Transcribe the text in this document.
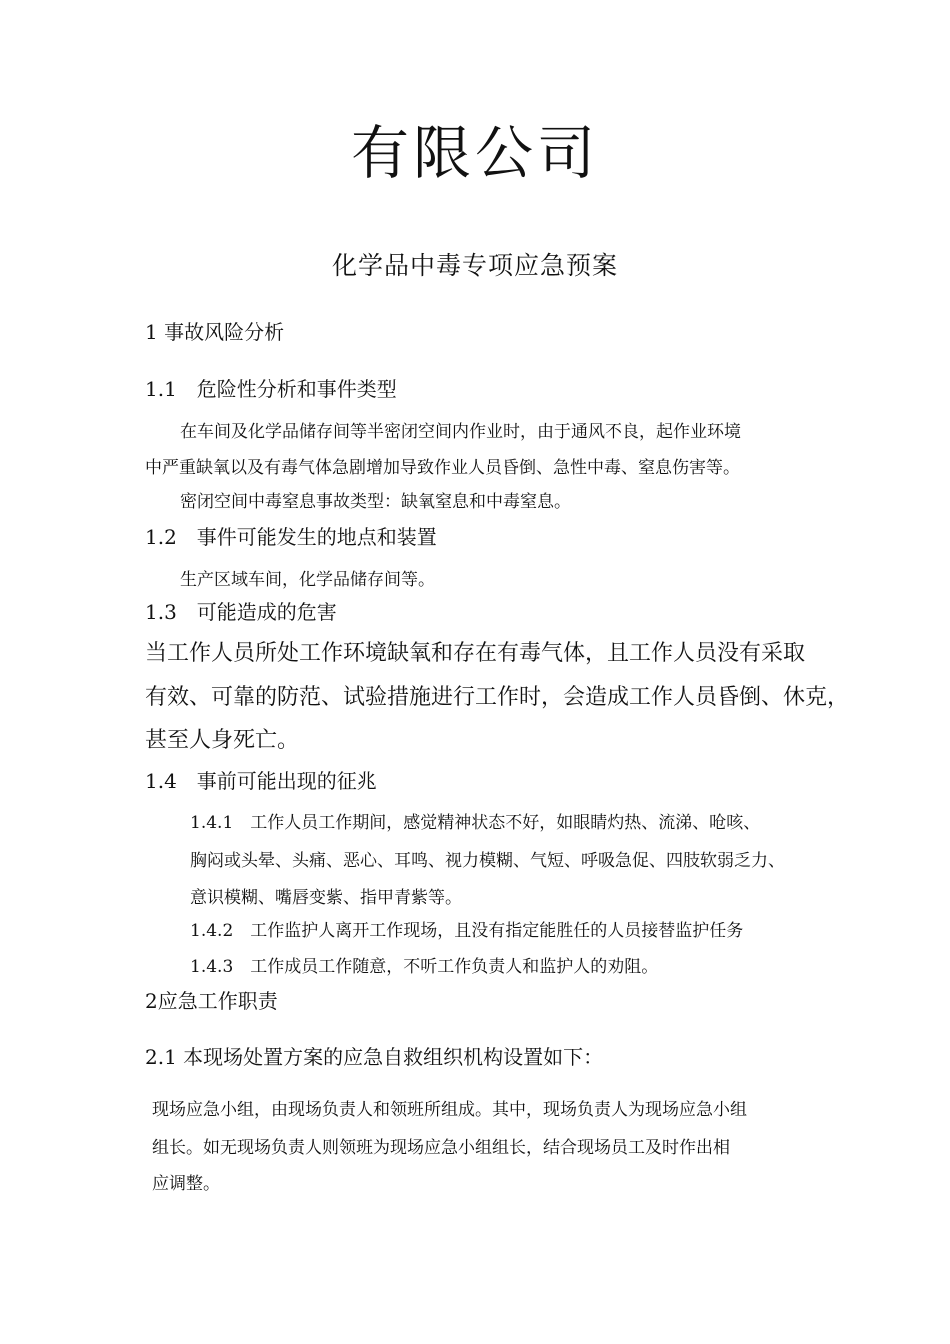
有限公司
化学品中毒专项应急预案
1 事故风险分析
1.1　危险性分析和事件类型
在车间及化学品储存间等半密闭空间内作业时，由于通风不良，起作业环境
中严重缺氧以及有毒气体急剧增加导致作业人员昏倒、急性中毒、窒息伤害等。
密闭空间中毒窒息事故类型：缺氧窒息和中毒窒息。
1.2　事件可能发生的地点和装置
生产区域车间，化学品储存间等。
1.3　可能造成的危害
当工作人员所处工作环境缺氧和存在有毒气体，且工作人员没有采取
有效、可靠的防范、试验措施进行工作时，会造成工作人员昏倒、休克，
甚至人身死亡。
1.4　事前可能出现的征兆
1.4.1　工作人员工作期间，感觉精神状态不好，如眼睛灼热、流涕、呛咳、
胸闷或头晕、头痛、恶心、耳鸣、视力模糊、气短、呼吸急促、四肢软弱乏力、
意识模糊、嘴唇变紫、指甲青紫等。
1.4.2　工作监护人离开工作现场，且没有指定能胜任的人员接替监护任务
1.4.3　工作成员工作随意，不听工作负责人和监护人的劝阻。
2应急工作职责
2.1 本现场处置方案的应急自救组织机构设置如下：
现场应急小组，由现场负责人和领班所组成。其中，现场负责人为现场应急小组
组长。如无现场负责人则领班为现场应急小组组长，结合现场员工及时作出相
应调整。
